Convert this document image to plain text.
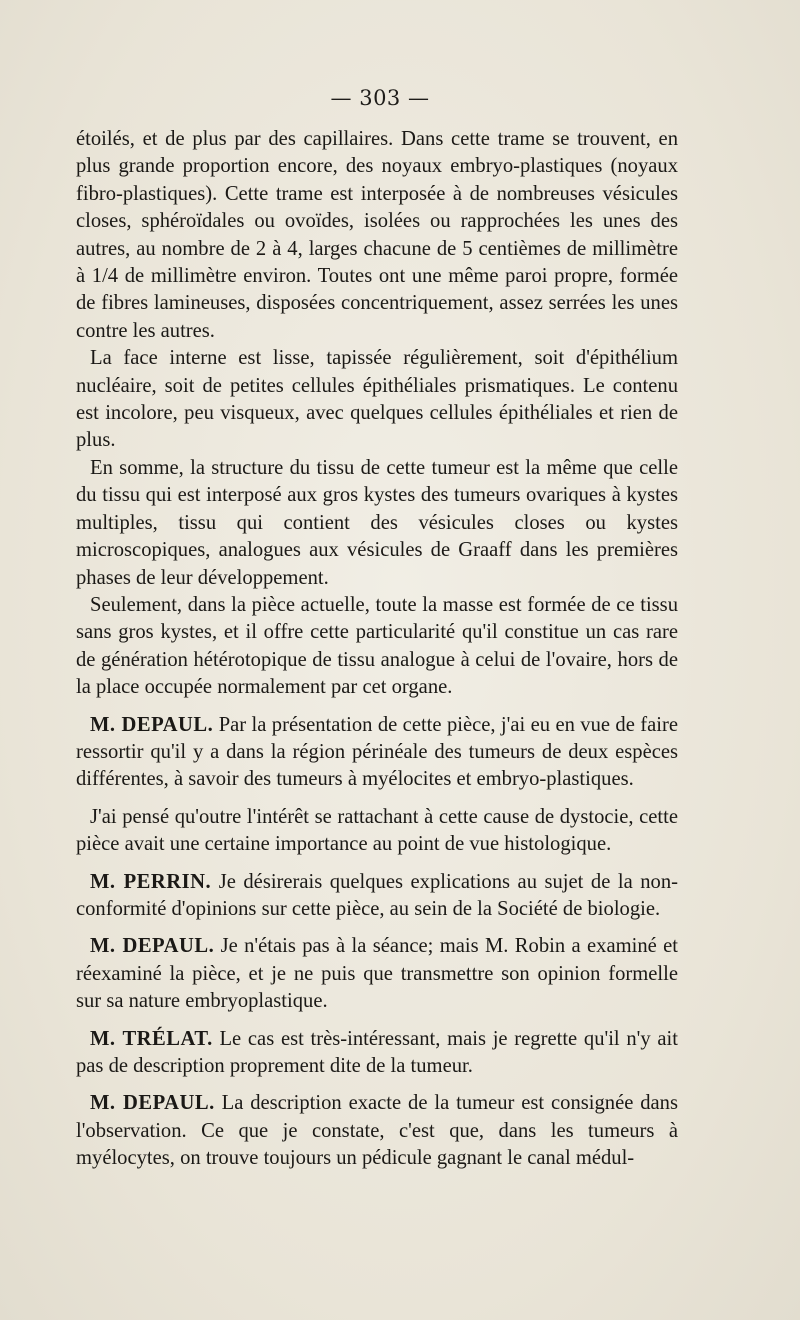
— 303 —

étoilés, et de plus par des capillaires. Dans cette trame se trouvent, en plus grande proportion encore, des noyaux embryo-plastiques (noyaux fibro-plastiques). Cette trame est interposée à de nombreuses vésicules closes, sphéroïdales ou ovoïdes, isolées ou rapprochées les unes des autres, au nombre de 2 à 4, larges chacune de 5 centièmes de millimètre à 1/4 de millimètre environ. Toutes ont une même paroi propre, formée de fibres lamineuses, disposées concentriquement, assez serrées les unes contre les autres.

La face interne est lisse, tapissée régulièrement, soit d'épithélium nucléaire, soit de petites cellules épithéliales prismatiques. Le contenu est incolore, peu visqueux, avec quelques cellules épithéliales et rien de plus.

En somme, la structure du tissu de cette tumeur est la même que celle du tissu qui est interposé aux gros kystes des tumeurs ovariques à kystes multiples, tissu qui contient des vésicules closes ou kystes microscopiques, analogues aux vésicules de Graaff dans les premières phases de leur développement.

Seulement, dans la pièce actuelle, toute la masse est formée de ce tissu sans gros kystes, et il offre cette particularité qu'il constitue un cas rare de génération hétérotopique de tissu analogue à celui de l'ovaire, hors de la place occupée normalement par cet organe.

M. DEPAUL. Par la présentation de cette pièce, j'ai eu en vue de faire ressortir qu'il y a dans la région périnéale des tumeurs de deux espèces différentes, à savoir des tumeurs à myélocites et embryo-plastiques.

J'ai pensé qu'outre l'intérêt se rattachant à cette cause de dystocie, cette pièce avait une certaine importance au point de vue histologique.

M. PERRIN. Je désirerais quelques explications au sujet de la non-conformité d'opinions sur cette pièce, au sein de la Société de biologie.

M. DEPAUL. Je n'étais pas à la séance; mais M. Robin a examiné et réexaminé la pièce, et je ne puis que transmettre son opinion formelle sur sa nature embryoplastique.

M. TRÉLAT. Le cas est très-intéressant, mais je regrette qu'il n'y ait pas de description proprement dite de la tumeur.

M. DEPAUL. La description exacte de la tumeur est consignée dans l'observation. Ce que je constate, c'est que, dans les tumeurs à myélocytes, on trouve toujours un pédicule gagnant le canal médul-
